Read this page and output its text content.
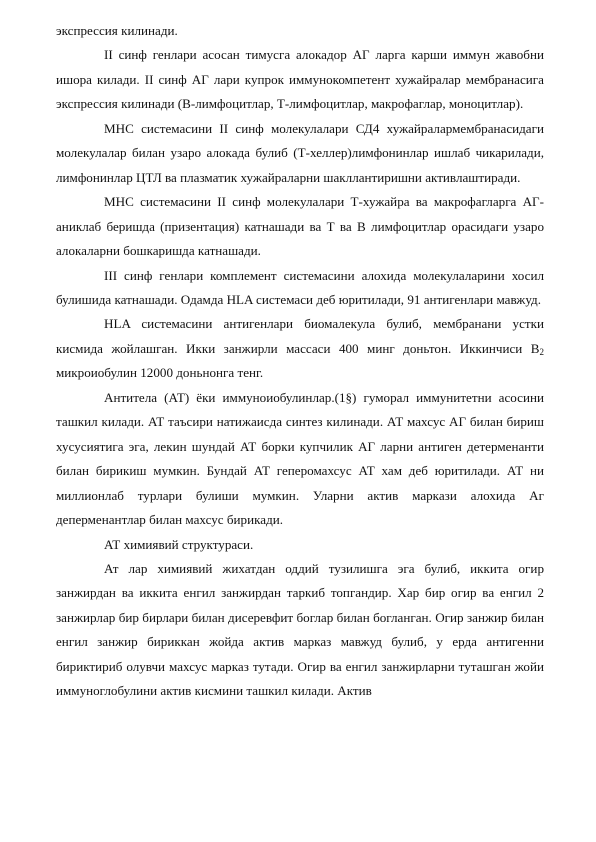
экспрессия килинади.

II синф генлари асосан тимусга алокадор АГ ларга карши иммун жавобни ишора килади. II синф АГ лари купрок иммунокомпетент хужайралар мембранасига экспрессия килинади (В-лимфоцитлар, Т-лимфоцитлар, макрофаглар, моноцитлар).

МНС системасини II синф молекулалари СД4 хужайралармембранасидаги молекулалар билан узаро алокада булиб (Т-хеллер)лимфонинлар ишлаб чикарилади, лимфонинлар ЦТЛ ва плазматик хужайраларни шакллантиришни активлаштиради.

МНС системасини II синф молекулалари Т-хужайра ва макрофагларга АГ-аниклаб беришда (призентация) катнашади ва Т ва В лимфоцитлар орасидаги узаро алокаларни бошкаришда катнашади.

III синф генлари комплемент системасини алохида молекулаларини хосил булишида катнашади. Одамда HLA системаси деб юритилади, 91 антигенлари мавжуд.

HLA системасини антигенлари биомалекула булиб, мембранани устки кисмида жойлашган. Икки занжирли массаси 400 минг доньтон. Иккинчиси $В_2$ микроиобулин 12000 доньнонга тенг.

Антитела (АТ) ёки иммуноиобулинлар.(1§) гуморал иммунитетни асосини ташкил килади. АТ таъсири натижаисда синтез килинади. АТ махсус АГ билан бириш хусусиятига эга, лекин шундай АТ борки купчилик АГ ларни антиген детерменанти билан бирикиш мумкин. Бундай АТ геперомахсус АТ хам деб юритилади. АТ ни миллионлаб турлари булиши мумкин. Уларни актив маркази алохида Аг деперменантлар билан махсус бирикади.

АТ химиявий структураси.

Ат лар химиявий жихатдан оддий тузилишга эга булиб, иккита огир занжирдан ва иккита енгил занжирдан таркиб топгандир. Хар бир огир ва енгил 2 занжирлар бир бирлари билан дисеревфит боглар билан богланган. Огир занжир билан енгил занжир бириккан жойда актив марказ мавжуд булиб, у ерда антигенни бириктириб олувчи махсус марказ тутади. Огир ва енгил занжирларни туташган жойи иммуноглобулини актив кисмини ташкил килади. Актив
